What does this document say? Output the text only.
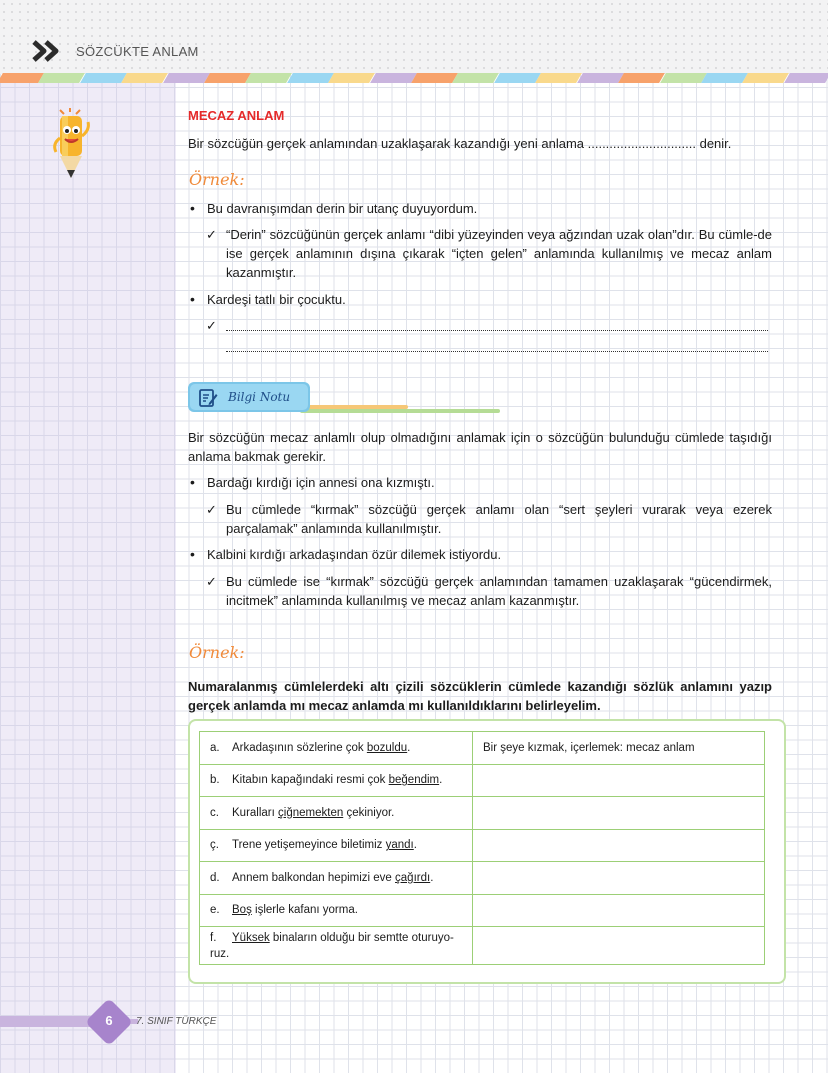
SÖZCÜKTE ANLAM
MECAZ ANLAM
Bir sözcüğün gerçek anlamından uzaklaşarak kazandığı yeni anlama .............................. denir.
Örnek:
• Bu davranışımdan derin bir utanç duyuyordum.
✓ “Derin” sözcüğünün gerçek anlamı “dibi yüzeyinden veya ağzından uzak olan”dır. Bu cümle-de ise gerçek anlamının dışına çıkarak “içten gelen” anlamında kullanılmış ve mecaz anlam kazanmıştır.
• Kardeşi tatlı bir çocuktu.
Bilgi Notu
Bir sözcüğün mecaz anlamlı olup olmadığını anlamak için o sözcüğün bulunduğu cümlede taşıdığı anlama bakmak gerekir.
• Bardağı kırdığı için annesi ona kızmıştı.
✓ Bu cümlede “kırmak” sözcüğü gerçek anlamı olan “sert şeyleri vurarak veya ezerek parçalamak” anlamında kullanılmıştır.
• Kalbini kırdığı arkadaşından özür dilemek istiyordu.
✓ Bu cümlede ise “kırmak” sözcüğü gerçek anlamından tamamen uzaklaşarak “gücendirmek, incitmek” anlamında kullanılmış ve mecaz anlam kazanmıştır.
Örnek:
Numaralanmış cümlelerdeki altı çizili sözcüklerin cümlede kazandığı sözlük anlamını yazıp gerçek anlamda mı mecaz anlamda mı kullanıldıklarını belirleyelim.
a. Arkadaşının sözlerine çok bozuldu.	Bir şeye kızmak, içerlemek: mecaz anlam
b. Kitabın kapağındaki resmi çok beğendim.	
c. Kuralları çiğnemekten çekiniyor.	
ç. Trene yetişemeyince biletimiz yandı.	
d. Annem balkondan hepimizi eve çağırdı.	
e. Boş işlerle kafanı yorma.	
f. Yüksek binaların olduğu bir semtte oturuyo-ruz.	
6	7. SINIF TÜRKÇE
